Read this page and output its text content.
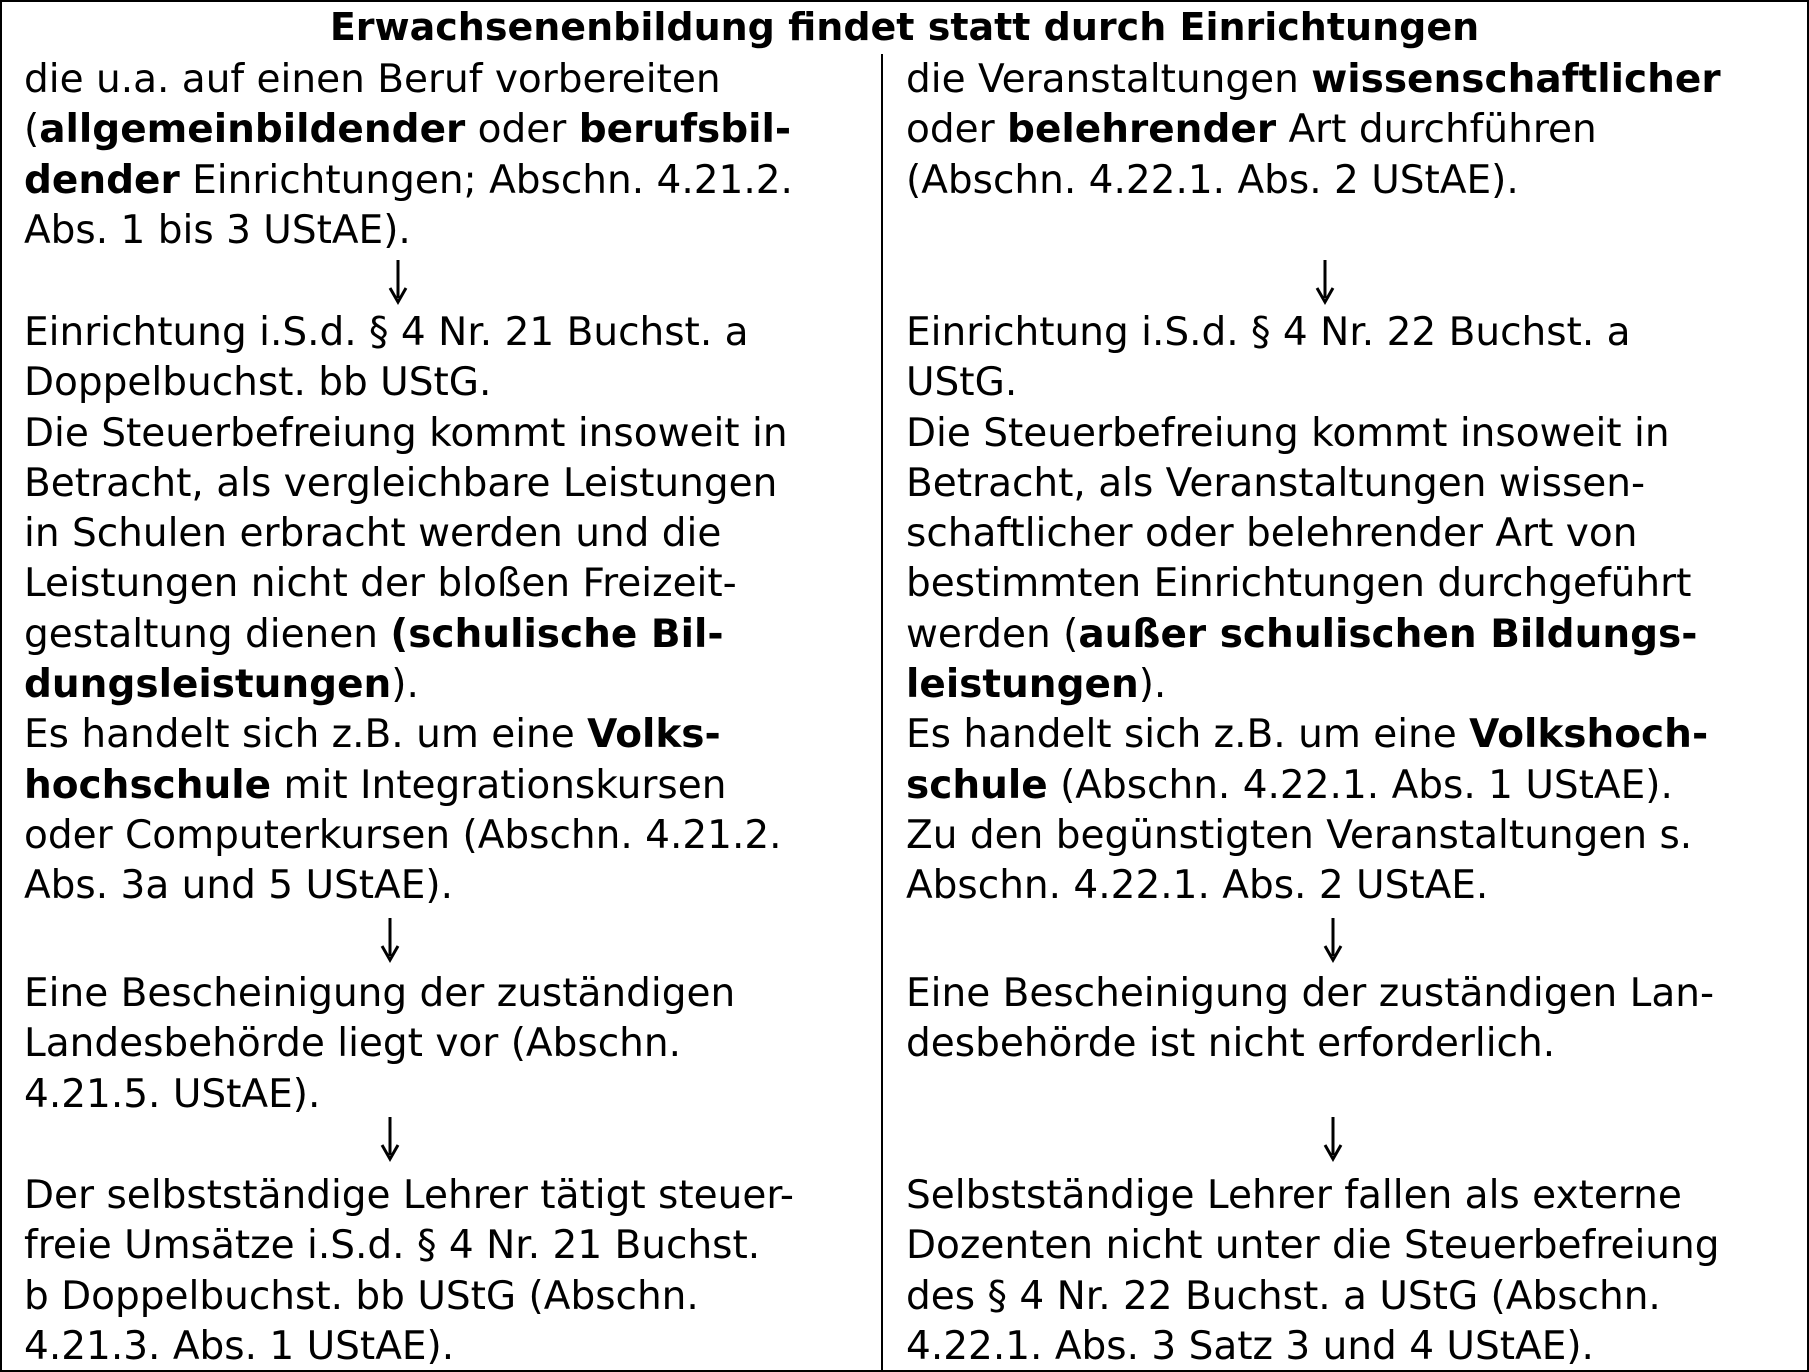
Erwachsenenbildung findet statt durch Einrichtungen
die u.a. auf einen Beruf vorbereiten
(allgemeinbildender oder berufsbil-
dender Einrichtungen; Abschn. 4.21.2.
Abs. 1 bis 3 UStAE).
Einrichtung i.S.d. § 4 Nr. 21 Buchst. a
Doppelbuchst. bb UStG.
Die Steuerbefreiung kommt insoweit in
Betracht, als vergleichbare Leistungen
in Schulen erbracht werden und die
Leistungen nicht der bloßen Freizeit-
gestaltung dienen (schulische Bil-
dungsleistungen).
Es handelt sich z.B. um eine Volks-
hochschule mit Integrationskursen
oder Computerkursen (Abschn. 4.21.2.
Abs. 3a und 5 UStAE).
Eine Bescheinigung der zuständigen
Landesbehörde liegt vor (Abschn.
4.21.5. UStAE).
Der selbstständige Lehrer tätigt steuer-
freie Umsätze i.S.d. § 4 Nr. 21 Buchst.
b Doppelbuchst. bb UStG (Abschn.
4.21.3. Abs. 1 UStAE).
die Veranstaltungen wissenschaftlicher
oder belehrender Art durchführen
(Abschn. 4.22.1. Abs. 2 UStAE).
Einrichtung i.S.d. § 4 Nr. 22 Buchst. a
UStG.
Die Steuerbefreiung kommt insoweit in
Betracht, als Veranstaltungen wissen-
schaftlicher oder belehrender Art von
bestimmten Einrichtungen durchgeführt
werden (außer schulischen Bildungs-
leistungen).
Es handelt sich z.B. um eine Volkshoch-
schule (Abschn. 4.22.1. Abs. 1 UStAE).
Zu den begünstigten Veranstaltungen s.
Abschn. 4.22.1. Abs. 2 UStAE.
Eine Bescheinigung der zuständigen Lan-
desbehörde ist nicht erforderlich.
Selbstständige Lehrer fallen als externe
Dozenten nicht unter die Steuerbefreiung
des § 4 Nr. 22 Buchst. a UStG (Abschn.
4.22.1. Abs. 3 Satz 3 und 4 UStAE).
